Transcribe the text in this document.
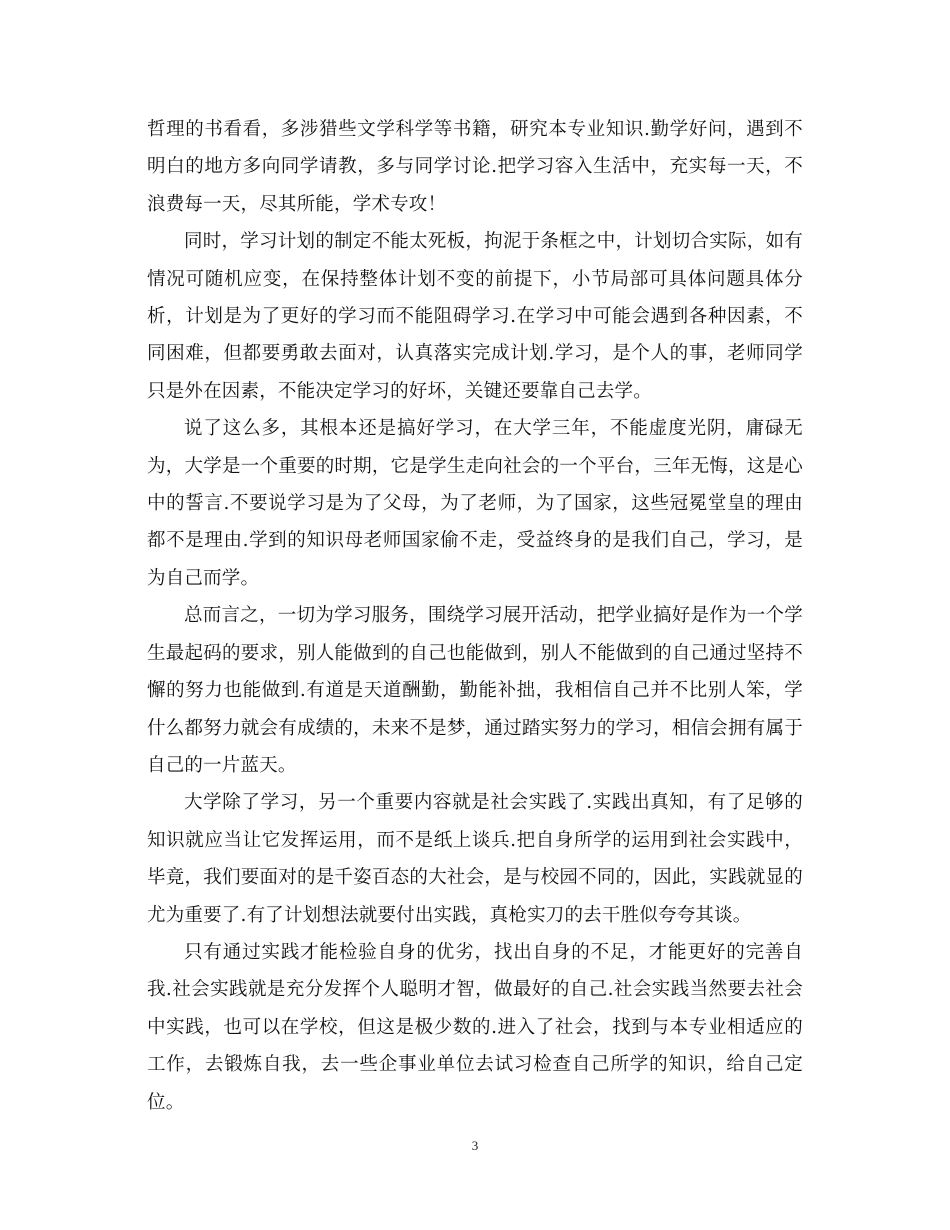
哲理的书看看，多涉猎些文学科学等书籍，研究本专业知识.勤学好问，遇到不明白的地方多向同学请教，多与同学讨论.把学习容入生活中，充实每一天，不浪费每一天，尽其所能，学术专攻！

同时，学习计划的制定不能太死板，拘泥于条框之中，计划切合实际，如有情况可随机应变，在保持整体计划不变的前提下，小节局部可具体问题具体分析，计划是为了更好的学习而不能阻碍学习.在学习中可能会遇到各种因素，不同困难，但都要勇敢去面对，认真落实完成计划.学习，是个人的事，老师同学只是外在因素，不能决定学习的好坏，关键还要靠自己去学。

说了这么多，其根本还是搞好学习，在大学三年，不能虚度光阴，庸碌无为，大学是一个重要的时期，它是学生走向社会的一个平台，三年无悔，这是心中的誓言.不要说学习是为了父母，为了老师，为了国家，这些冠冕堂皇的理由都不是理由.学到的知识母老师国家偷不走，受益终身的是我们自己，学习，是为自己而学。

总而言之，一切为学习服务，围绕学习展开活动，把学业搞好是作为一个学生最起码的要求，别人能做到的自己也能做到，别人不能做到的自己通过坚持不懈的努力也能做到.有道是天道酬勤，勤能补拙，我相信自己并不比别人笨，学什么都努力就会有成绩的，未来不是梦，通过踏实努力的学习，相信会拥有属于自己的一片蓝天。

大学除了学习，另一个重要内容就是社会实践了.实践出真知，有了足够的知识就应当让它发挥运用，而不是纸上谈兵.把自身所学的运用到社会实践中，毕竟，我们要面对的是千姿百态的大社会，是与校园不同的，因此，实践就显的尤为重要了.有了计划想法就要付出实践，真枪实刀的去干胜似夸夸其谈。

只有通过实践才能检验自身的优劣，找出自身的不足，才能更好的完善自我.社会实践就是充分发挥个人聪明才智，做最好的自己.社会实践当然要去社会中实践，也可以在学校，但这是极少数的.进入了社会，找到与本专业相适应的工作，去锻炼自我，去一些企事业单位去试习检查自己所学的知识，给自己定位。

3
